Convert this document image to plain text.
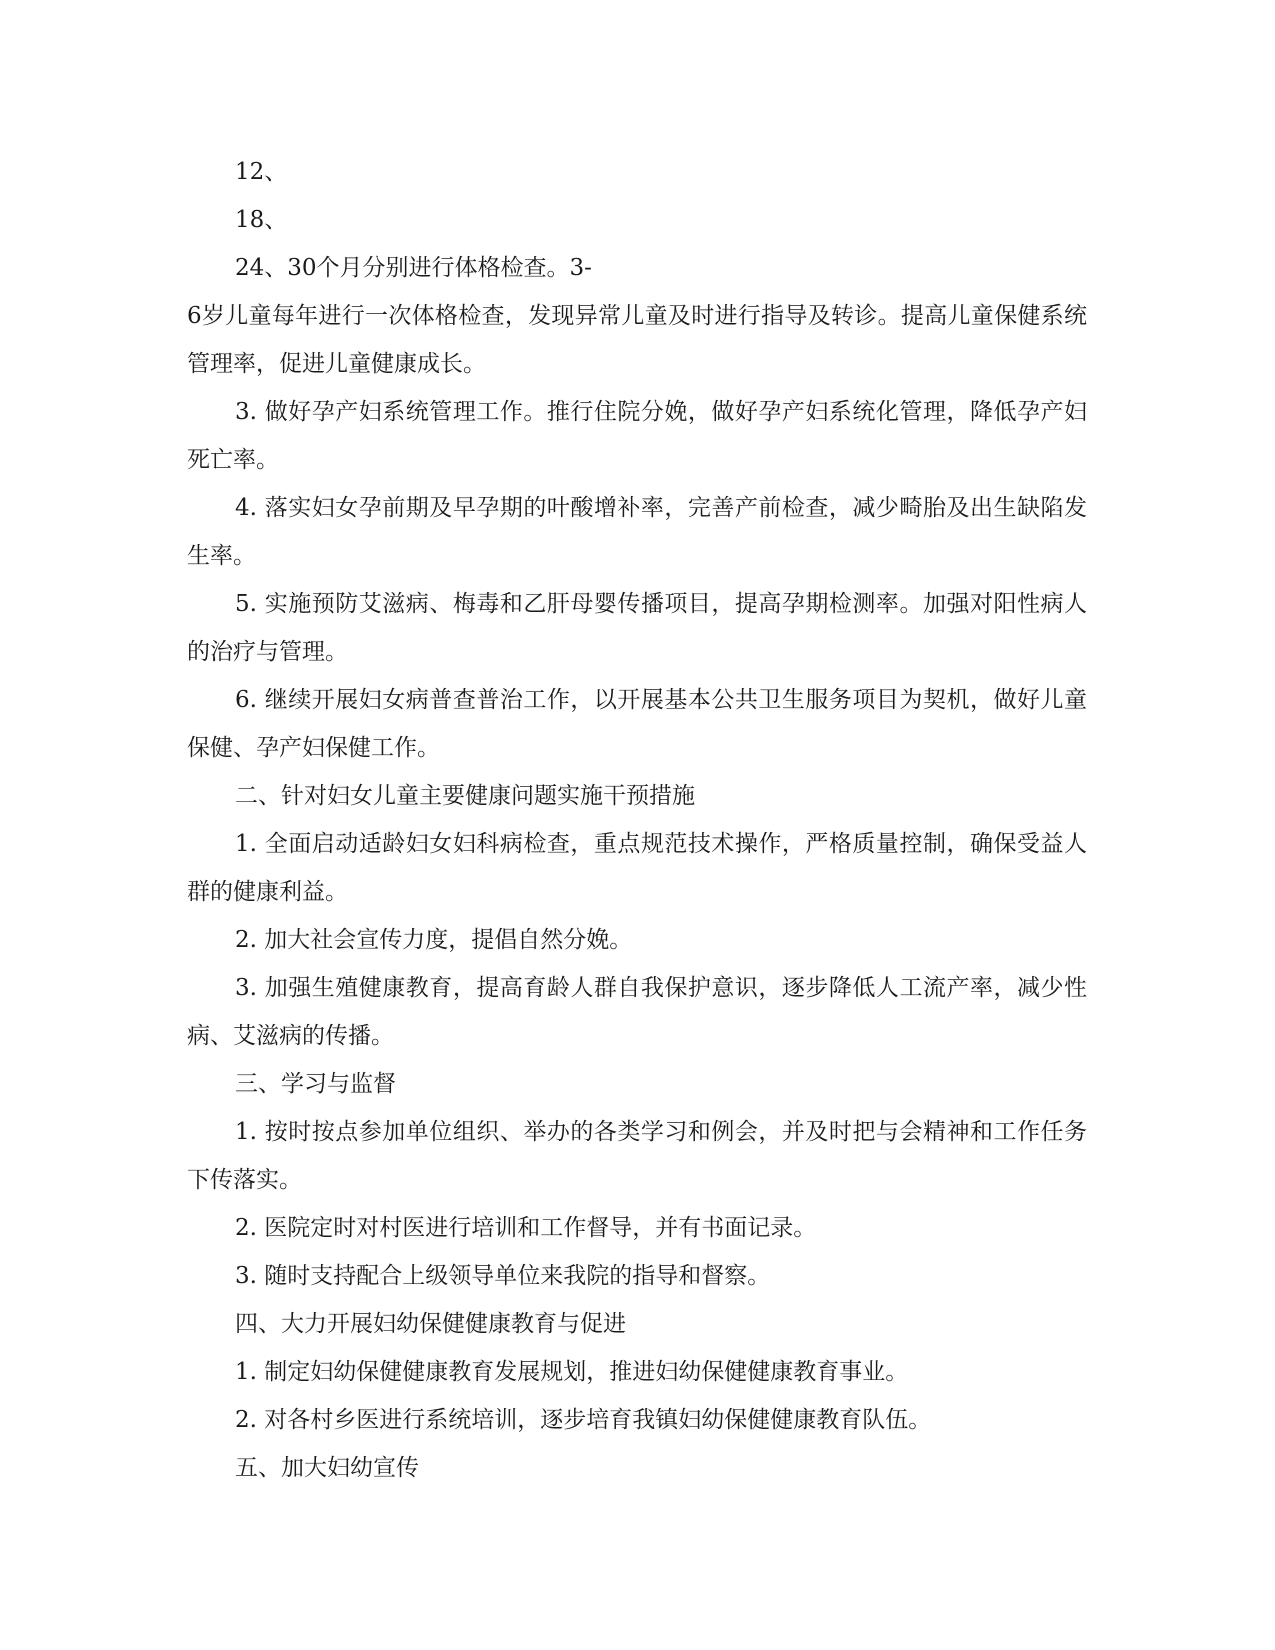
12、

18、

24、30个月分别进行体格检查。3-

6岁儿童每年进行一次体格检查，发现异常儿童及时进行指导及转诊。提高儿童保健系统管理率，促进儿童健康成长。

3. 做好孕产妇系统管理工作。推行住院分娩，做好孕产妇系统化管理，降低孕产妇死亡率。

4. 落实妇女孕前期及早孕期的叶酸增补率，完善产前检查，减少畸胎及出生缺陷发生率。

5. 实施预防艾滋病、梅毒和乙肝母婴传播项目，提高孕期检测率。加强对阳性病人的治疗与管理。

6. 继续开展妇女病普查普治工作，以开展基本公共卫生服务项目为契机，做好儿童保健、孕产妇保健工作。

二、针对妇女儿童主要健康问题实施干预措施

1. 全面启动适龄妇女妇科病检查，重点规范技术操作，严格质量控制，确保受益人群的健康利益。

2. 加大社会宣传力度，提倡自然分娩。

3. 加强生殖健康教育，提高育龄人群自我保护意识，逐步降低人工流产率，减少性病、艾滋病的传播。

三、学习与监督

1. 按时按点参加单位组织、举办的各类学习和例会，并及时把与会精神和工作任务下传落实。

2. 医院定时对村医进行培训和工作督导，并有书面记录。

3. 随时支持配合上级领导单位来我院的指导和督察。

四、大力开展妇幼保健健康教育与促进

1. 制定妇幼保健健康教育发展规划，推进妇幼保健健康教育事业。

2. 对各村乡医进行系统培训，逐步培育我镇妇幼保健健康教育队伍。

五、加大妇幼宣传
